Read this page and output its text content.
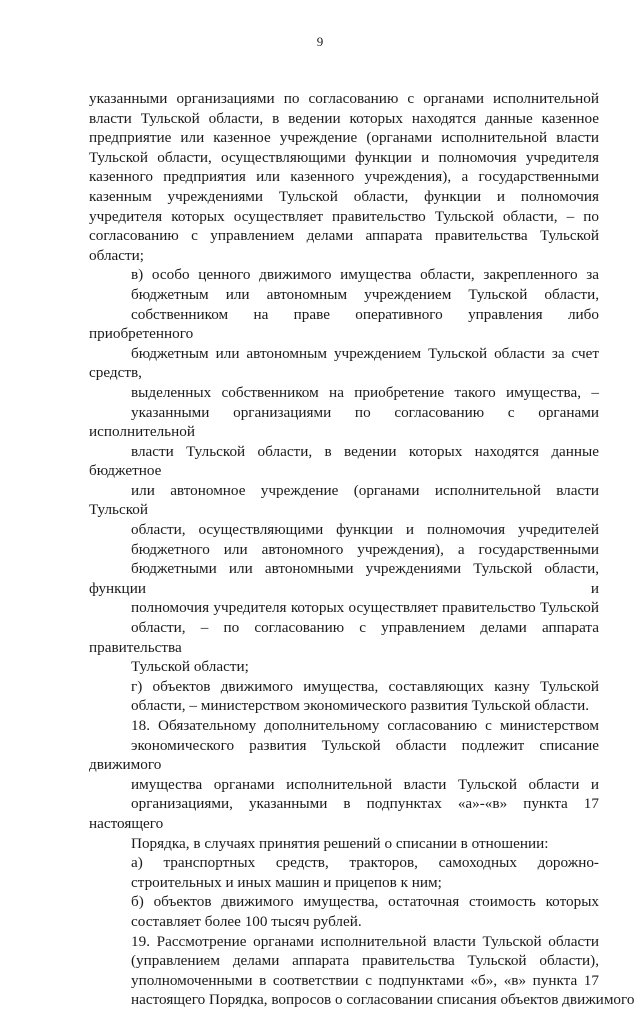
9
указанными организациями по согласованию с органами исполнительной
власти Тульской области, в ведении которых находятся данные казенное
предприятие или казенное учреждение (органами исполнительной власти
Тульской области, осуществляющими функции и полномочия учредителя
казенного предприятия или казенного учреждения), а государственными
казенным учреждениями Тульской области, функции и полномочия
учредителя которых осуществляет правительство Тульской области, – по
согласованию с управлением делами аппарата правительства Тульской
области;
в) особо ценного движимого имущества области, закрепленного за
бюджетным или автономным учреждением Тульской области,
собственником на праве оперативного управления либо приобретенного
бюджетным или автономным учреждением Тульской области за счет средств,
выделенных собственником на приобретение такого имущества, –
указанными организациями по согласованию с органами исполнительной
власти Тульской области, в ведении которых находятся данные бюджетное
или автономное учреждение (органами исполнительной власти Тульской
области, осуществляющими функции и полномочия учредителей
бюджетного или автономного учреждения), а государственными
бюджетными или автономными учреждениями Тульской области, функции и
полномочия учредителя которых осуществляет правительство Тульской
области, – по согласованию с управлением делами аппарата правительства
Тульской области;
г) объектов движимого имущества, составляющих казну Тульской
области, – министерством экономического развития Тульской области.
18. Обязательному дополнительному согласованию с министерством
экономического развития Тульской области подлежит списание движимого
имущества органами исполнительной власти Тульской области и
организациями, указанными в подпунктах «а»-«в» пункта 17 настоящего
Порядка, в случаях принятия решений о списании в отношении:
а) транспортных средств, тракторов, самоходных дорожно-
строительных и иных машин и прицепов к ним;
б) объектов движимого имущества, остаточная стоимость которых
составляет более 100 тысяч рублей.
19. Рассмотрение органами исполнительной власти Тульской области
(управлением делами аппарата правительства Тульской области),
уполномоченными в соответствии с подпунктами «б», «в» пункта 17
настоящего Порядка, вопросов о согласовании списания объектов движимого
